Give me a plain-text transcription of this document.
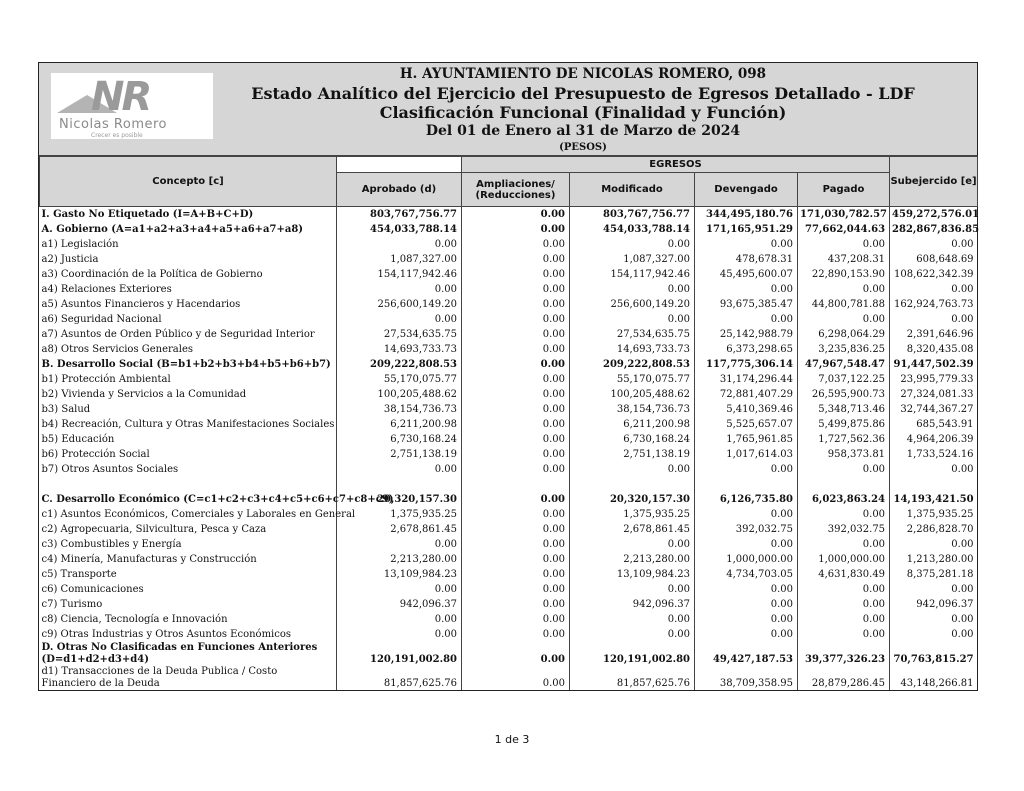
NR
Nicolas Romero
Crecer es posible
H. AYUNTAMIENTO DE NICOLAS ROMERO, 098
Estado Analítico del Ejercicio del Presupuesto de Egresos Detallado - LDF
Clasificación Funcional (Finalidad y Función)
Del 01 de Enero al 31 de Marzo de 2024
(PESOS)
Concepto [c]		EGRESOS				Subejercido [e]
	Aprobado (d)	Ampliaciones/ (Reducciones)	Modificado	Devengado	Pagado	
I. Gasto No Etiquetado (I=A+B+C+D)	803,767,756.77	0.00	803,767,756.77	344,495,180.76	171,030,782.57	459,272,576.01
A. Gobierno (A=a1+a2+a3+a4+a5+a6+a7+a8)	454,033,788.14	0.00	454,033,788.14	171,165,951.29	77,662,044.63	282,867,836.85
a1) Legislación	0.00	0.00	0.00	0.00	0.00	0.00
a2) Justicia	1,087,327.00	0.00	1,087,327.00	478,678.31	437,208.31	608,648.69
a3) Coordinación de la Política de Gobierno	154,117,942.46	0.00	154,117,942.46	45,495,600.07	22,890,153.90	108,622,342.39
a4) Relaciones Exteriores	0.00	0.00	0.00	0.00	0.00	0.00
a5) Asuntos Financieros y Hacendarios	256,600,149.20	0.00	256,600,149.20	93,675,385.47	44,800,781.88	162,924,763.73
a6) Seguridad Nacional	0.00	0.00	0.00	0.00	0.00	0.00
a7) Asuntos de Orden Público y de Seguridad Interior	27,534,635.75	0.00	27,534,635.75	25,142,988.79	6,298,064.29	2,391,646.96
a8) Otros Servicios Generales	14,693,733.73	0.00	14,693,733.73	6,373,298.65	3,235,836.25	8,320,435.08
B. Desarrollo Social (B=b1+b2+b3+b4+b5+b6+b7)	209,222,808.53	0.00	209,222,808.53	117,775,306.14	47,967,548.47	91,447,502.39
b1) Protección Ambiental	55,170,075.77	0.00	55,170,075.77	31,174,296.44	7,037,122.25	23,995,779.33
b2) Vivienda y Servicios a la Comunidad	100,205,488.62	0.00	100,205,488.62	72,881,407.29	26,595,900.73	27,324,081.33
b3) Salud	38,154,736.73	0.00	38,154,736.73	5,410,369.46	5,348,713.46	32,744,367.27
b4) Recreación, Cultura y Otras Manifestaciones Sociales	6,211,200.98	0.00	6,211,200.98	5,525,657.07	5,499,875.86	685,543.91
b5) Educación	6,730,168.24	0.00	6,730,168.24	1,765,961.85	1,727,562.36	4,964,206.39
b6) Protección Social	2,751,138.19	0.00	2,751,138.19	1,017,614.03	958,373.81	1,733,524.16
b7) Otros Asuntos Sociales	0.00	0.00	0.00	0.00	0.00	0.00

C. Desarrollo Económico (C=c1+c2+c3+c4+c5+c6+c7+c8+c9)	20,320,157.30	0.00	20,320,157.30	6,126,735.80	6,023,863.24	14,193,421.50
c1) Asuntos Económicos, Comerciales y Laborales en General	1,375,935.25	0.00	1,375,935.25	0.00	0.00	1,375,935.25
c2) Agropecuaria, Silvicultura, Pesca y Caza	2,678,861.45	0.00	2,678,861.45	392,032.75	392,032.75	2,286,828.70
c3) Combustibles y Energía	0.00	0.00	0.00	0.00	0.00	0.00
c4) Minería, Manufacturas y Construcción	2,213,280.00	0.00	2,213,280.00	1,000,000.00	1,000,000.00	1,213,280.00
c5) Transporte	13,109,984.23	0.00	13,109,984.23	4,734,703.05	4,631,830.49	8,375,281.18
c6) Comunicaciones	0.00	0.00	0.00	0.00	0.00	0.00
c7) Turismo	942,096.37	0.00	942,096.37	0.00	0.00	942,096.37
c8) Ciencia, Tecnología e Innovación	0.00	0.00	0.00	0.00	0.00	0.00
c9) Otras Industrias y Otros Asuntos Económicos	0.00	0.00	0.00	0.00	0.00	0.00
D. Otras No Clasificadas en Funciones Anteriores (D=d1+d2+d3+d4)	120,191,002.80	0.00	120,191,002.80	49,427,187.53	39,377,326.23	70,763,815.27
d1) Transacciones de la Deuda Publica / Costo Financiero de la Deuda	81,857,625.76	0.00	81,857,625.76	38,709,358.95	28,879,286.45	43,148,266.81
1 de 3
